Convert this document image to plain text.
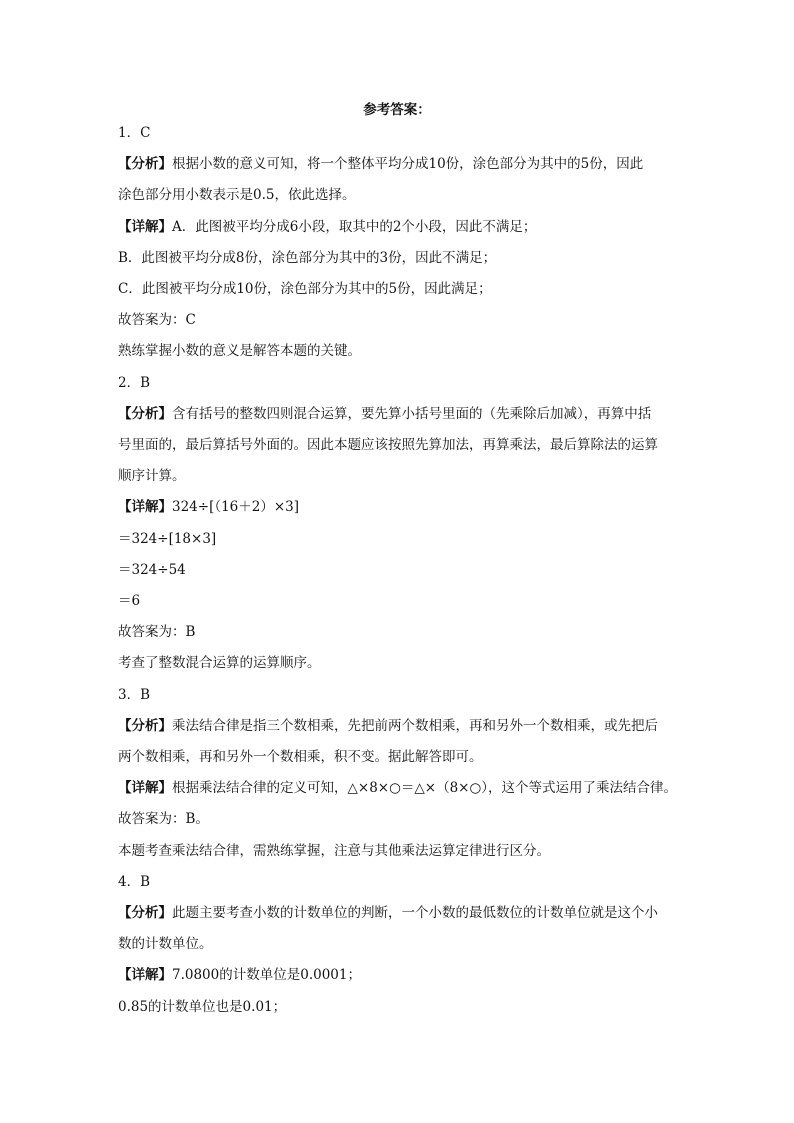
参考答案：
1．C
【分析】根据小数的意义可知，将一个整体平均分成10份，涂色部分为其中的5份，因此
涂色部分用小数表示是0.5，依此选择。
【详解】A．此图被平均分成6小段，取其中的2个小段，因此不满足；
B．此图被平均分成8份，涂色部分为其中的3份，因此不满足；
C．此图被平均分成10份，涂色部分为其中的5份，因此满足；
故答案为：C
熟练掌握小数的意义是解答本题的关键。
2．B
【分析】含有括号的整数四则混合运算，要先算小括号里面的（先乘除后加减），再算中括
号里面的，最后算括号外面的。因此本题应该按照先算加法，再算乘法，最后算除法的运算
顺序计算。
【详解】324÷[（16＋2）×3]
＝324÷[18×3]
＝324÷54
＝6
故答案为：B
考查了整数混合运算的运算顺序。
3．B
【分析】乘法结合律是指三个数相乘，先把前两个数相乘，再和另外一个数相乘，或先把后
两个数相乘，再和另外一个数相乘，积不变。据此解答即可。
【详解】根据乘法结合律的定义可知，△×8×○＝△×（8×○），这个等式运用了乘法结合律。
故答案为：B。
本题考查乘法结合律，需熟练掌握，注意与其他乘法运算定律进行区分。
4．B
【分析】此题主要考查小数的计数单位的判断，一个小数的最低数位的计数单位就是这个小
数的计数单位。
【详解】7.0800的计数单位是0.0001；
0.85的计数单位也是0.01；
